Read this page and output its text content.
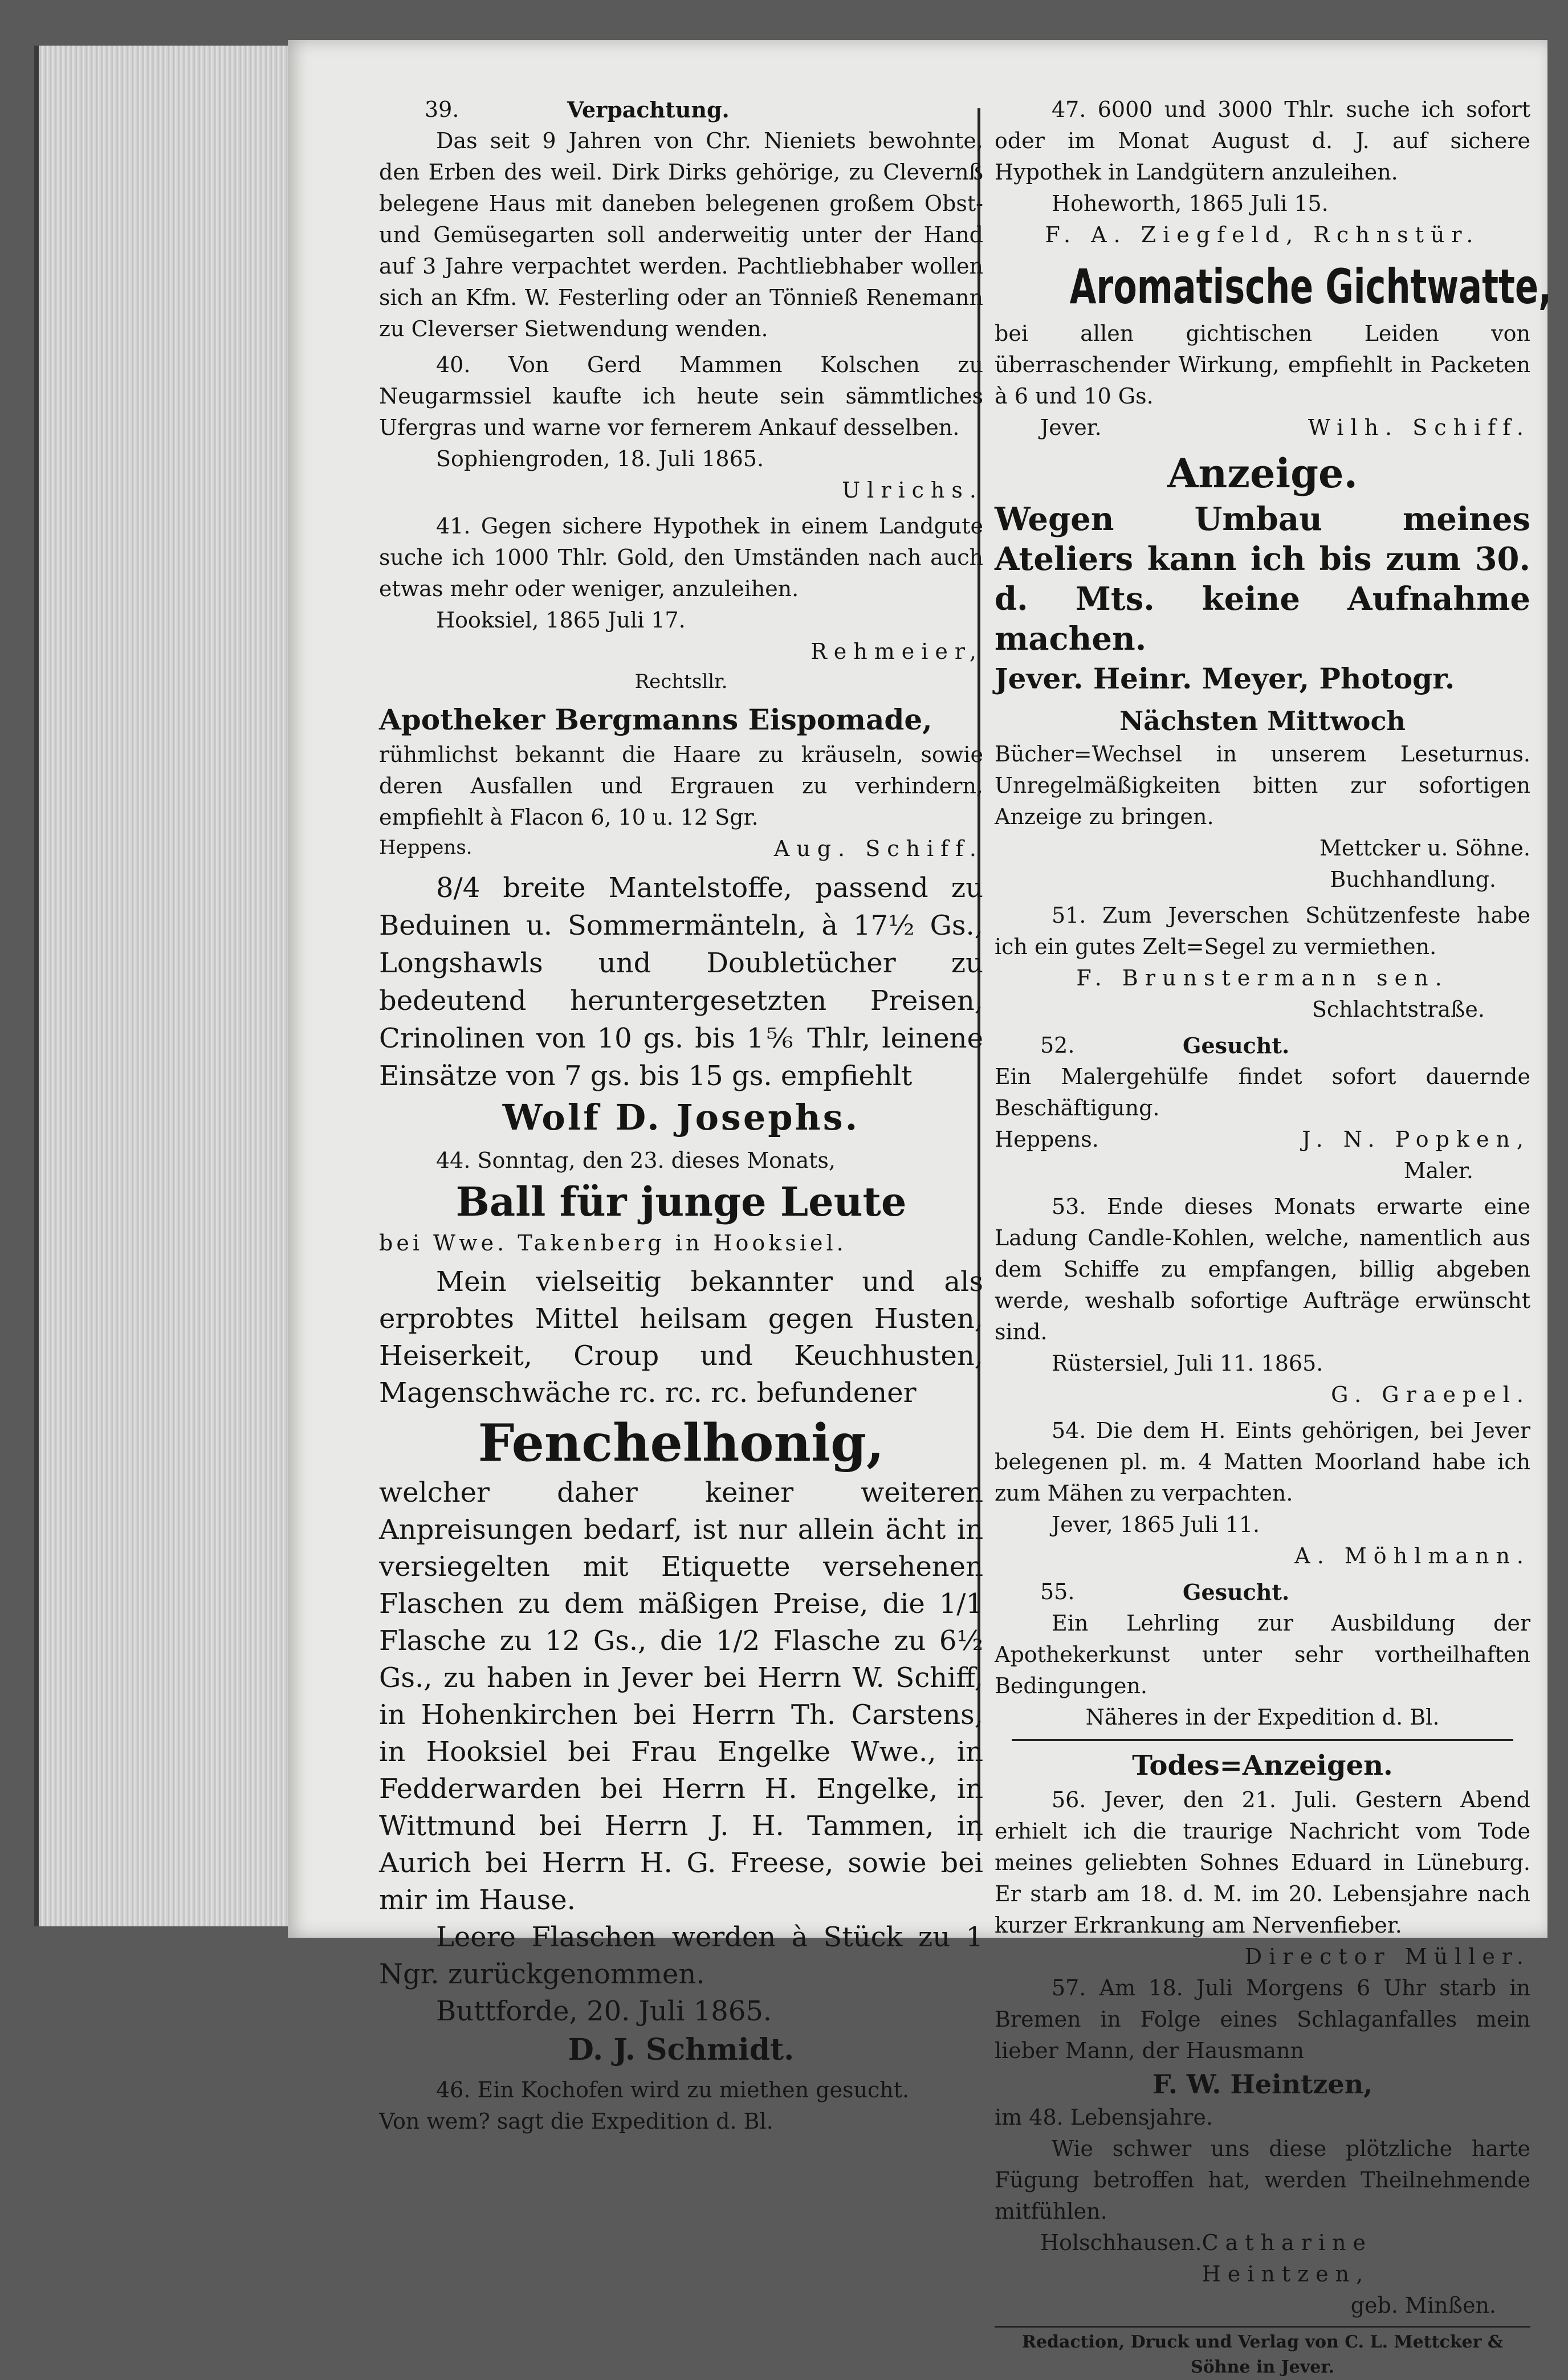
39.	Verpachtung.

Das seit 9 Jahren von Chr. Nieniets bewohnte, den Erben des weil. Dirk Dirks gehörige, zu Clevernß belegene Haus mit daneben belegenen großem Obst- und Gemüsegarten soll anderweitig unter der Hand auf 3 Jahre verpachtet werden. Pachtliebhaber wollen sich an Kfm. W. Festerling oder an Tönnieß Renemann zu Cleverser Sietwendung wenden.

40. Von Gerd Mammen Kolschen zu Neugarmssiel kaufte ich heute sein sämmtliches Ufergras und warne vor fernerem Ankauf desselben.

Sophiengroden, 18. Juli 1865.

Ulrichs.

41. Gegen sichere Hypothek in einem Landgute suche ich 1000 Thlr. Gold, den Umständen nach auch etwas mehr oder weniger, anzuleihen.

Hooksiel, 1865 Juli 17.

Rehmeier,

Rechtsllr.

Apotheker Bergmanns Eispomade,

rühmlichst bekannt die Haare zu kräuseln, sowie deren Ausfallen und Ergrauen zu verhindern, empfiehlt à Flacon 6, 10 u. 12 Sgr.

Heppens.	Aug. Schiff.

8/4 breite Mantelstoffe, passend zu Beduinen u. Sommermänteln, à 17½ Gs., Longshawls und Doubletücher zu bedeutend heruntergesetzten Preisen, Crinolinen von 10 gs. bis 1⅚ Thlr, leinene Einsätze von 7 gs. bis 15 gs. empfiehlt

Wolf D. Josephs.

44. Sonntag, den 23. dieses Monats,

Ball für junge Leute

bei Wwe. Takenberg in Hooksiel.

Mein vielseitig bekannter und als erprobtes Mittel heilsam gegen Husten, Heiserkeit, Croup und Keuchhusten, Magenschwäche rc. rc. rc. befundener

Fenchelhonig,

welcher daher keiner weiteren Anpreisungen bedarf, ist nur allein ächt in versiegelten mit Etiquette versehenen Flaschen zu dem mäßigen Preise, die 1/1 Flasche zu 12 Gs., die 1/2 Flasche zu 6½ Gs., zu haben in Jever bei Herrn W. Schiff, in Hohenkirchen bei Herrn Th. Carstens, in Hooksiel bei Frau Engelke Wwe., in Fedderwarden bei Herrn H. Engelke, in Wittmund bei Herrn J. H. Tammen, in Aurich bei Herrn H. G. Freese, sowie bei mir im Hause.

Leere Flaschen werden à Stück zu 1 Ngr. zurückgenommen.

Buttforde, 20. Juli 1865.

D. J. Schmidt.

46. Ein Kochofen wird zu miethen gesucht.

Von wem? sagt die Expedition d. Bl.

47. 6000 und 3000 Thlr. suche ich sofort oder im Monat August d. J. auf sichere Hypothek in Landgütern anzuleihen.

Hoheworth, 1865 Juli 15.

F. A. Ziegfeld, Rchnstür.

Aromatische Gichtwatte,

bei allen gichtischen Leiden von überraschender Wirkung, empfiehlt in Packeten à 6 und 10 Gs.

Jever.	Wilh. Schiff.

Anzeige.

Wegen Umbau meines Ateliers kann ich bis zum 30. d. Mts. keine Aufnahme machen.

Jever. Heinr. Meyer, Photogr.

Nächsten Mittwoch

Bücher=Wechsel in unserem Leseturnus. Unregelmäßigkeiten bitten zur sofortigen Anzeige zu bringen.

Mettcker u. Söhne.

Buchhandlung.

51. Zum Jeverschen Schützenfeste habe ich ein gutes Zelt=Segel zu vermiethen.

F. Brunstermann sen.

Schlachtstraße.

52.	Gesucht.

Ein Malergehülfe findet sofort dauernde Beschäftigung.

Heppens.	J. N. Popken,

Maler.

53. Ende dieses Monats erwarte eine Ladung Candle-Kohlen, welche, namentlich aus dem Schiffe zu empfangen, billig abgeben werde, weshalb sofortige Aufträge erwünscht sind.

Rüstersiel, Juli 11. 1865.

G. Graepel.

54. Die dem H. Eints gehörigen, bei Jever belegenen pl. m. 4 Matten Moorland habe ich zum Mähen zu verpachten.

Jever, 1865 Juli 11.

A. Möhlmann.

55.	Gesucht.

Ein Lehrling zur Ausbildung der Apothekerkunst unter sehr vortheilhaften Bedingungen.

Näheres in der Expedition d. Bl.

Todes=Anzeigen.

56. Jever, den 21. Juli. Gestern Abend erhielt ich die traurige Nachricht vom Tode meines geliebten Sohnes Eduard in Lüneburg. Er starb am 18. d. M. im 20. Lebensjahre nach kurzer Erkrankung am Nervenfieber.

Director Müller.

57. Am 18. Juli Morgens 6 Uhr starb in Bremen in Folge eines Schlaganfalles mein lieber Mann, der Hausmann

F. W. Heintzen,

im 48. Lebensjahre.

Wie schwer uns diese plötzliche harte Fügung betroffen hat, werden Theilnehmende mitfühlen.

Holschhausen. Catharine Heintzen,

geb. Minßen.

Redaction, Druck und Verlag von C. L. Mettcker & Söhne in Jever.
